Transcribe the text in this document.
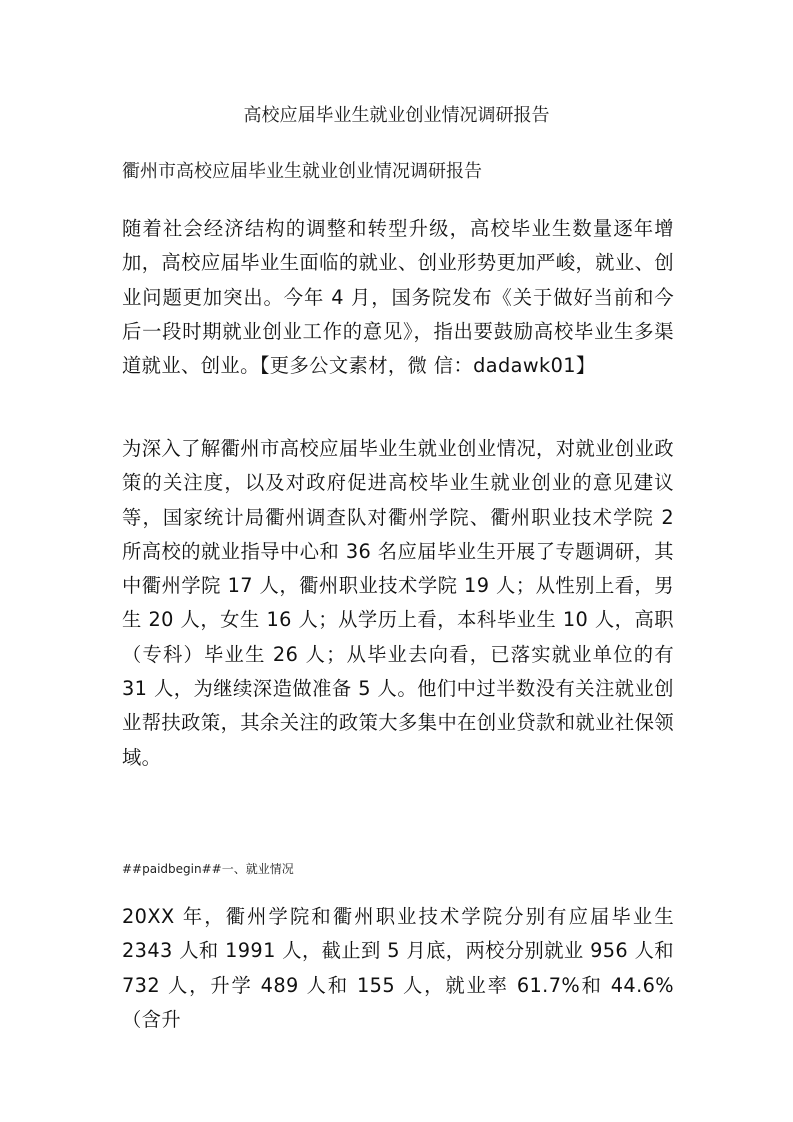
高校应届毕业生就业创业情况调研报告
衢州市高校应届毕业生就业创业情况调研报告

随着社会经济结构的调整和转型升级，高校毕业生数量逐年增加，高校应届毕业生面临的就业、创业形势更加严峻，就业、创业问题更加突出。今年 4 月，国务院发布《关于做好当前和今后一段时期就业创业工作的意见》，指出要鼓励高校毕业生多渠道就业、创业。【更多公文素材，微 信：dadawk01】

为深入了解衢州市高校应届毕业生就业创业情况，对就业创业政策的关注度，以及对政府促进高校毕业生就业创业的意见建议等，国家统计局衢州调查队对衢州学院、衢州职业技术学院 2 所高校的就业指导中心和 36 名应届毕业生开展了专题调研，其中衢州学院 17 人，衢州职业技术学院 19 人；从性别上看，男生 20 人，女生 16 人；从学历上看，本科毕业生 10 人，高职（专科）毕业生 26 人；从毕业去向看，已落实就业单位的有 31 人，为继续深造做准备 5 人。他们中过半数没有关注就业创业帮扶政策，其余关注的政策大多集中在创业贷款和就业社保领域。

##paidbegin##一、就业情况

20XX 年，衢州学院和衢州职业技术学院分别有应届毕业生 2343 人和 1991 人，截止到 5 月底，两校分别就业 956 人和 732 人，升学 489 人和 155 人，就业率 61.7%和 44.6%（含升
